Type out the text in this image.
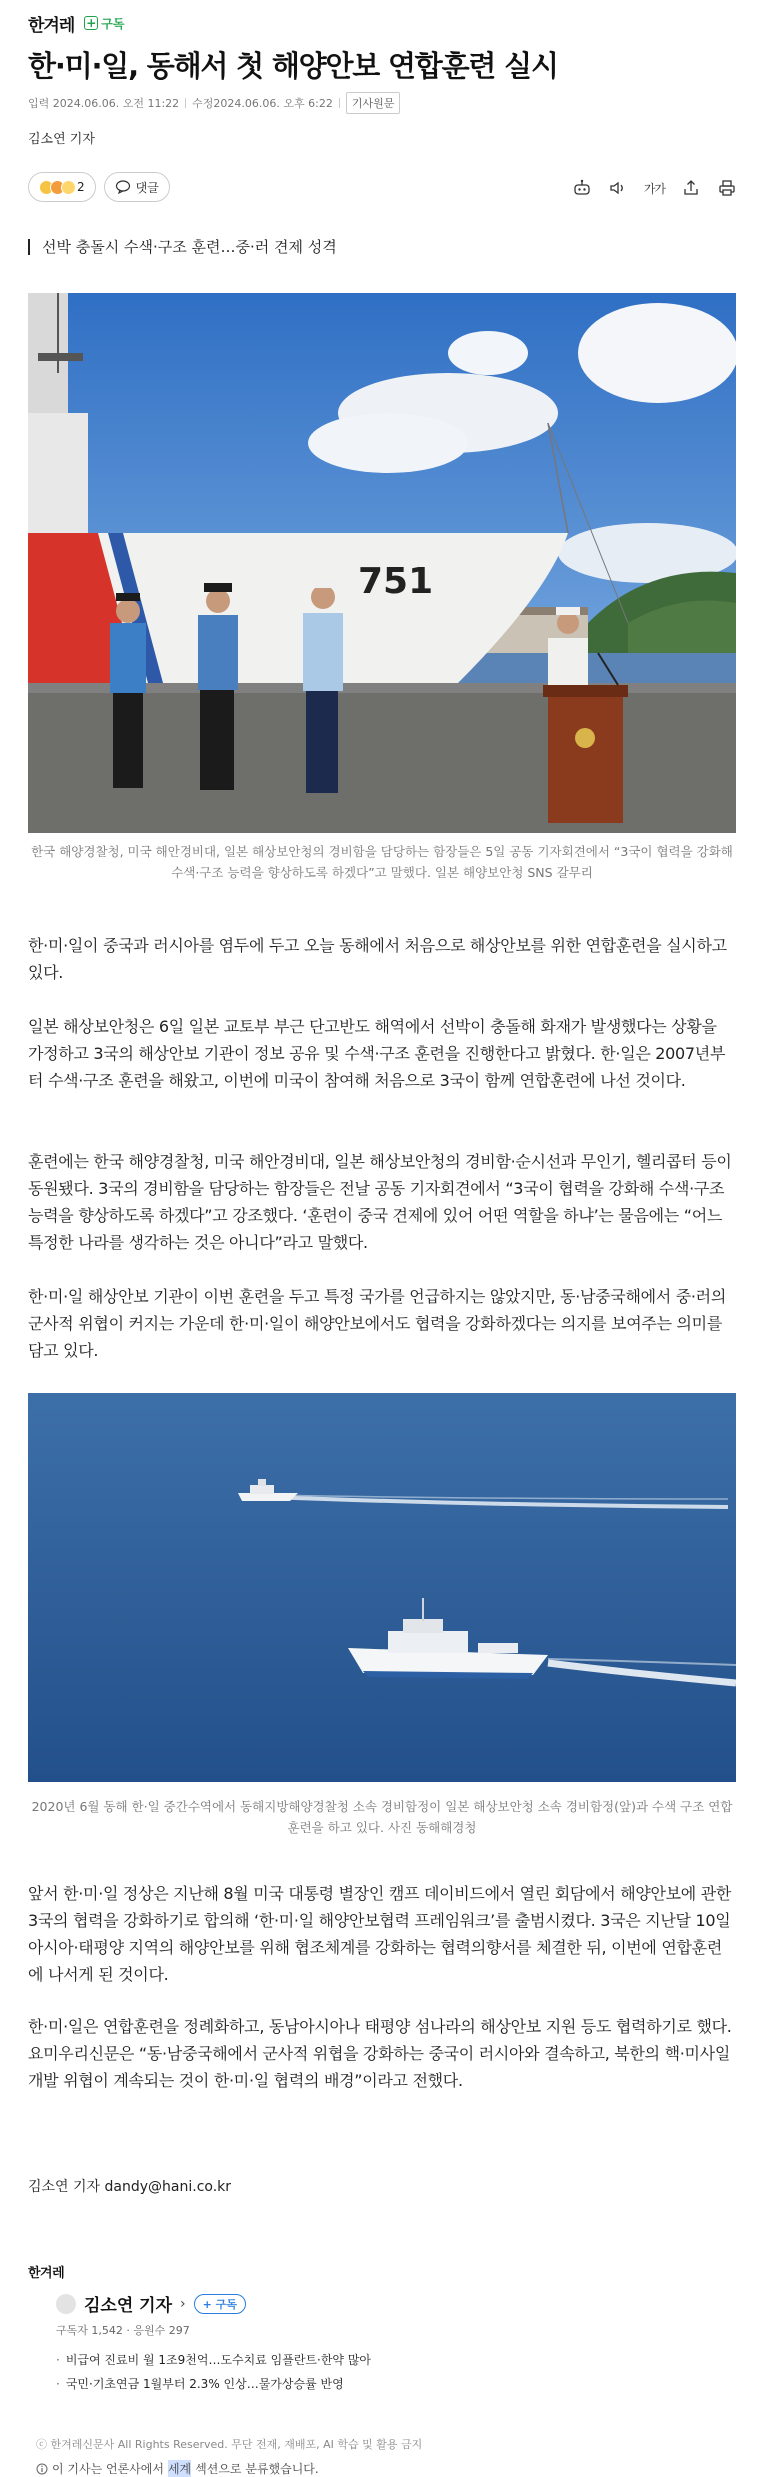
한겨레 + 구독
한·미·일, 동해서 첫 해양안보 연합훈련 실시
입력 2024.06.06. 오전 11:22 수정2024.06.06. 오후 6:22	기사원문
김소연 기자
2	댓글	가가
선박 충돌시 수색·구조 훈련…중·러 견제 성격
751
한국 해양경찰청, 미국 해안경비대, 일본 해상보안청의 경비함을 담당하는 함장들은 5일 공동 기자회견에서 “3국이 협력을 강화해 수색·구조 능력을 향상하도록 하겠다”고 말했다. 일본 해양보안청 SNS 갈무리

한·미·일이 중국과 러시아를 염두에 두고 오늘 동해에서 처음으로 해상안보를 위한 연합훈련을 실시하고 있다.

일본 해상보안청은 6일 일본 교토부 부근 단고반도 해역에서 선박이 충돌해 화재가 발생했다는 상황을 가정하고 3국의 해상안보 기관이 정보 공유 및 수색·구조 훈련을 진행한다고 밝혔다. 한·일은 2007년부터 수색·구조 훈련을 해왔고, 이번에 미국이 참여해 처음으로 3국이 함께 연합훈련에 나선 것이다.

훈련에는 한국 해양경찰청, 미국 해안경비대, 일본 해상보안청의 경비함·순시선과 무인기, 헬리콥터 등이 동원됐다. 3국의 경비함을 담당하는 함장들은 전날 공동 기자회견에서 “3국이 협력을 강화해 수색·구조 능력을 향상하도록 하겠다”고 강조했다. ‘훈련이 중국 견제에 있어 어떤 역할을 하냐’는 물음에는 “어느 특정한 나라를 생각하는 것은 아니다”라고 말했다.

한·미·일 해상안보 기관이 이번 훈련을 두고 특정 국가를 언급하지는 않았지만, 동·남중국해에서 중·러의 군사적 위협이 커지는 가운데 한·미·일이 해양안보에서도 협력을 강화하겠다는 의지를 보여주는 의미를 담고 있다.

2020년 6월 동해 한·일 중간수역에서 동해지방해양경찰청 소속 경비함정이 일본 해상보안청 소속 경비함정(앞)과 수색 구조 연합훈련을 하고 있다. 사진 동해해경청

앞서 한·미·일 정상은 지난해 8월 미국 대통령 별장인 캠프 데이비드에서 열린 회담에서 해양안보에 관한 3국의 협력을 강화하기로 합의해 ‘한·미·일 해양안보협력 프레임워크’를 출범시켰다. 3국은 지난달 10일 아시아·태평양 지역의 해양안보를 위해 협조체계를 강화하는 협력의향서를 체결한 뒤, 이번에 연합훈련에 나서게 된 것이다.

한·미·일은 연합훈련을 정례화하고, 동남아시아나 태평양 섬나라의 해상안보 지원 등도 협력하기로 했다. 요미우리신문은 “동·남중국해에서 군사적 위협을 강화하는 중국이 러시아와 결속하고, 북한의 핵·미사일 개발 위협이 계속되는 것이 한·미·일 협력의 배경”이라고 전했다.

김소연 기자 dandy@hani.co.kr
한겨레
김소연 기자 ›	+ 구독
구독자 1,542 · 응원수 297
· 비급여 진료비 월 1조9천억…도수치료 임플란트·한약 많아
· 국민·기초연금 1월부터 2.3% 인상…물가상승률 반영
ⓒ 한겨레신문사 All Rights Reserved. 무단 전재, 재배포, AI 학습 및 활용 금지
이 기사는 언론사에서 세계 섹션으로 분류했습니다.
